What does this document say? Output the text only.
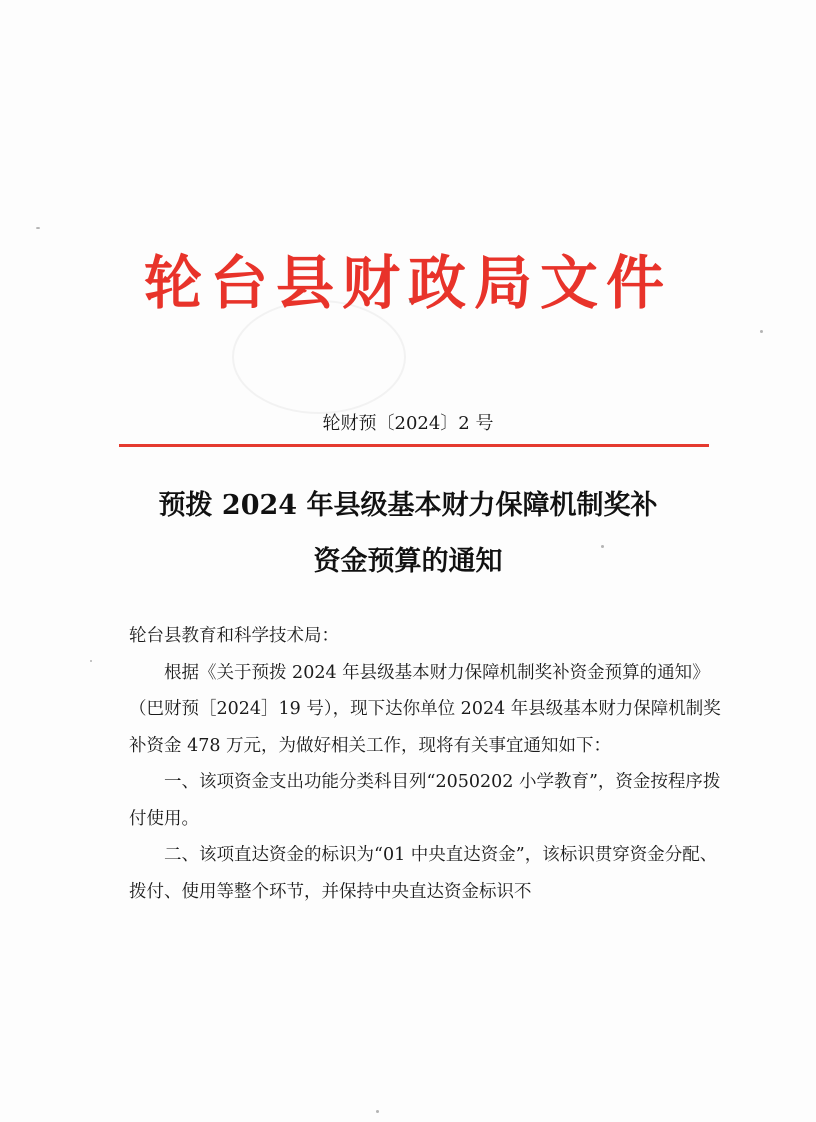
轮台县财政局文件
轮财预〔2024〕2 号
预拨 2024 年县级基本财力保障机制奖补
资金预算的通知

轮台县教育和科学技术局：

根据《关于预拨 2024 年县级基本财力保障机制奖补资金预算的通知》（巴财预［2024］19 号），现下达你单位 2024 年县级基本财力保障机制奖补资金 478 万元，为做好相关工作，现将有关事宜通知如下：

一、该项资金支出功能分类科目列“2050202 小学教育”，资金按程序拨付使用。

二、该项直达资金的标识为“01 中央直达资金”，该标识贯穿资金分配、拨付、使用等整个环节，并保持中央直达资金标识不
